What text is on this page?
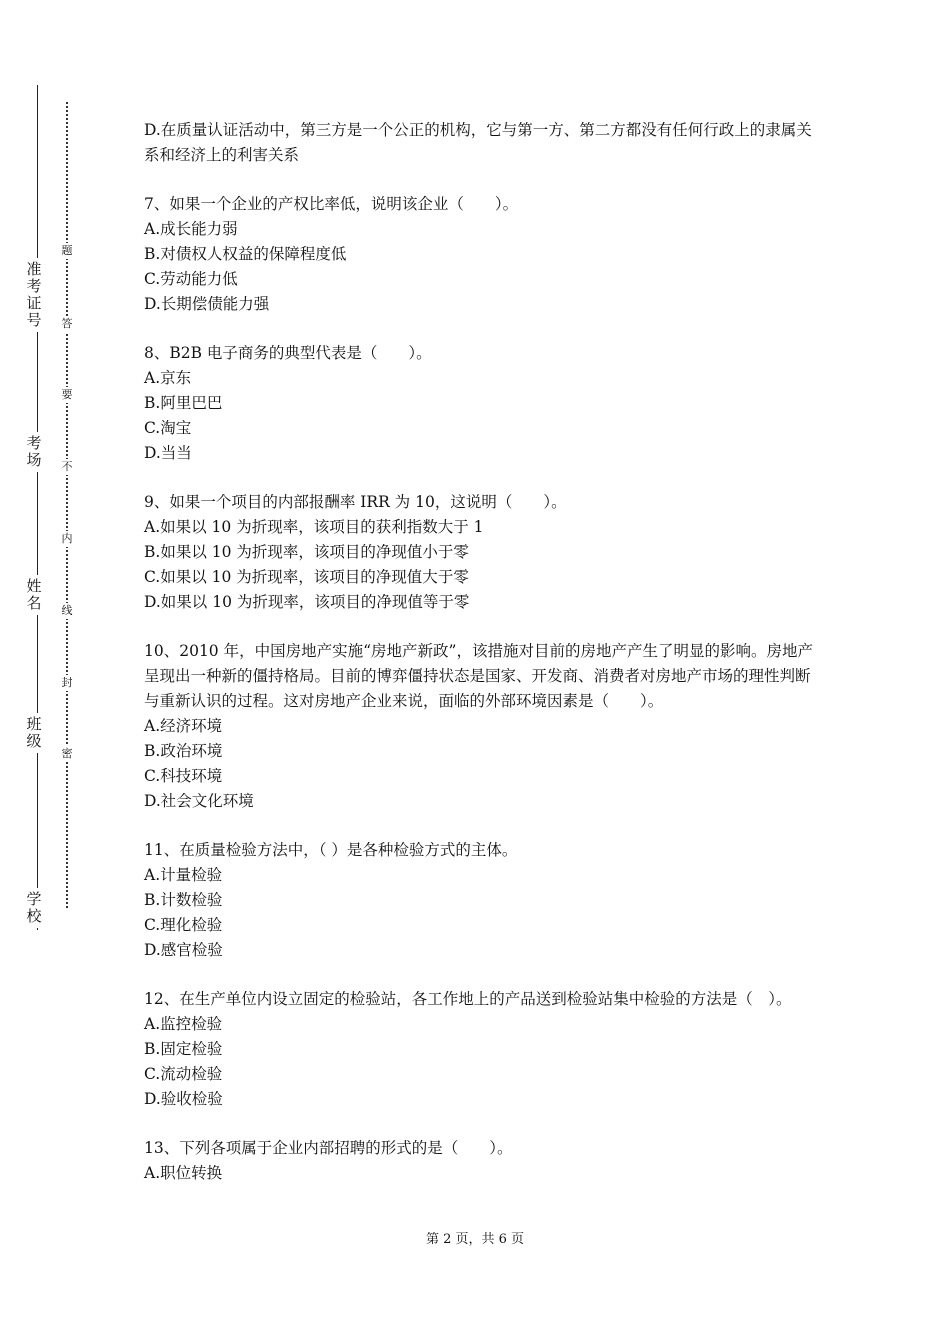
准
考
证
号
考
场
姓
名
班
级
学
校
题
答
要
不
内
线
封
密

D.在质量认证活动中，第三方是一个公正的机构，它与第一方、第二方都没有任何行政上的隶属关系和经济上的利害关系

7、如果一个企业的产权比率低，说明该企业（　　）。

A.成长能力弱

B.对债权人权益的保障程度低

C.劳动能力低

D.长期偿债能力强

8、B2B 电子商务的典型代表是（　　）。

A.京东

B.阿里巴巴

C.淘宝

D.当当

9、如果一个项目的内部报酬率 IRR 为 10，这说明（　　）。

A.如果以 10 为折现率，该项目的获利指数大于 1

B.如果以 10 为折现率，该项目的净现值小于零

C.如果以 10 为折现率，该项目的净现值大于零

D.如果以 10 为折现率，该项目的净现值等于零

10、2010 年，中国房地产实施“房地产新政”，该措施对目前的房地产产生了明显的影响。房地产呈现出一种新的僵持格局。目前的博弈僵持状态是国家、开发商、消费者对房地产市场的理性判断与重新认识的过程。这对房地产企业来说，面临的外部环境因素是（　　）。

A.经济环境

B.政治环境

C.科技环境

D.社会文化环境

11、在质量检验方法中，（ ）是各种检验方式的主体。

A.计量检验

B.计数检验

C.理化检验

D.感官检验

12、在生产单位内设立固定的检验站，各工作地上的产品送到检验站集中检验的方法是（　）。

A.监控检验

B.固定检验

C.流动检验

D.验收检验

13、下列各项属于企业内部招聘的形式的是（　　）。

A.职位转换

第 2 页，共 6 页
